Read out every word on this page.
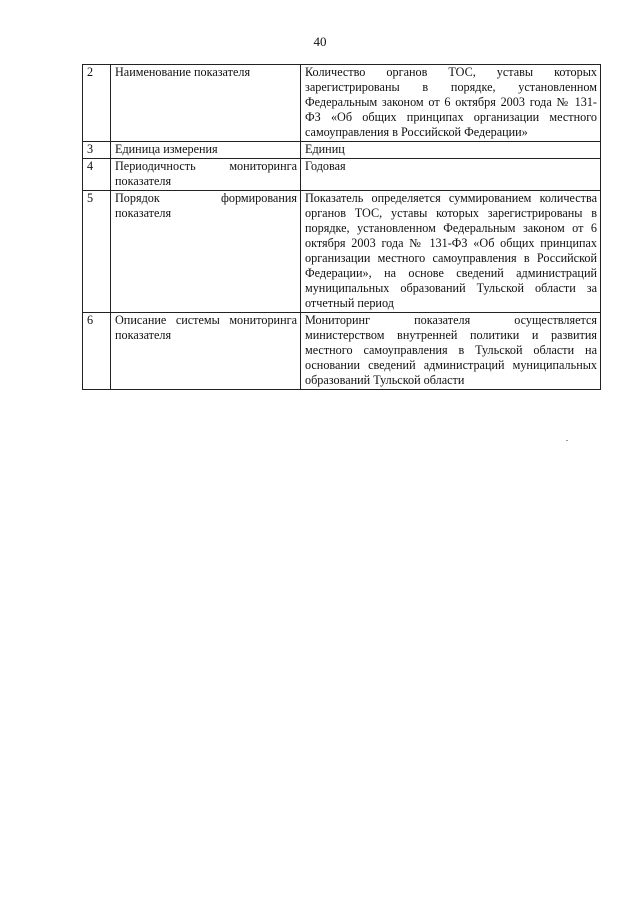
40
2	Наименование показателя	Количество органов ТОС, уставы которых зарегистрированы в порядке, установленном Федеральным законом от 6 октября 2003 года № 131-ФЗ «Об общих принципах организации местного самоуправления в Российской Федерации»
3	Единица измерения	Единиц
4	Периодичность мониторинга показателя	Годовая
5	Порядок формирования показателя	Показатель определяется суммированием количества органов ТОС, уставы которых зарегистрированы в порядке, установленном Федеральным законом от 6 октября 2003 года № 131-ФЗ «Об общих принципах организации местного самоуправления в Российской Федерации», на основе сведений администраций муниципальных образований Тульской области за отчетный период
6	Описание системы мониторинга показателя	Мониторинг показателя осуществляется министерством внутренней политики и развития местного самоуправления в Тульской области на основании сведений администраций муниципальных образований Тульской области
